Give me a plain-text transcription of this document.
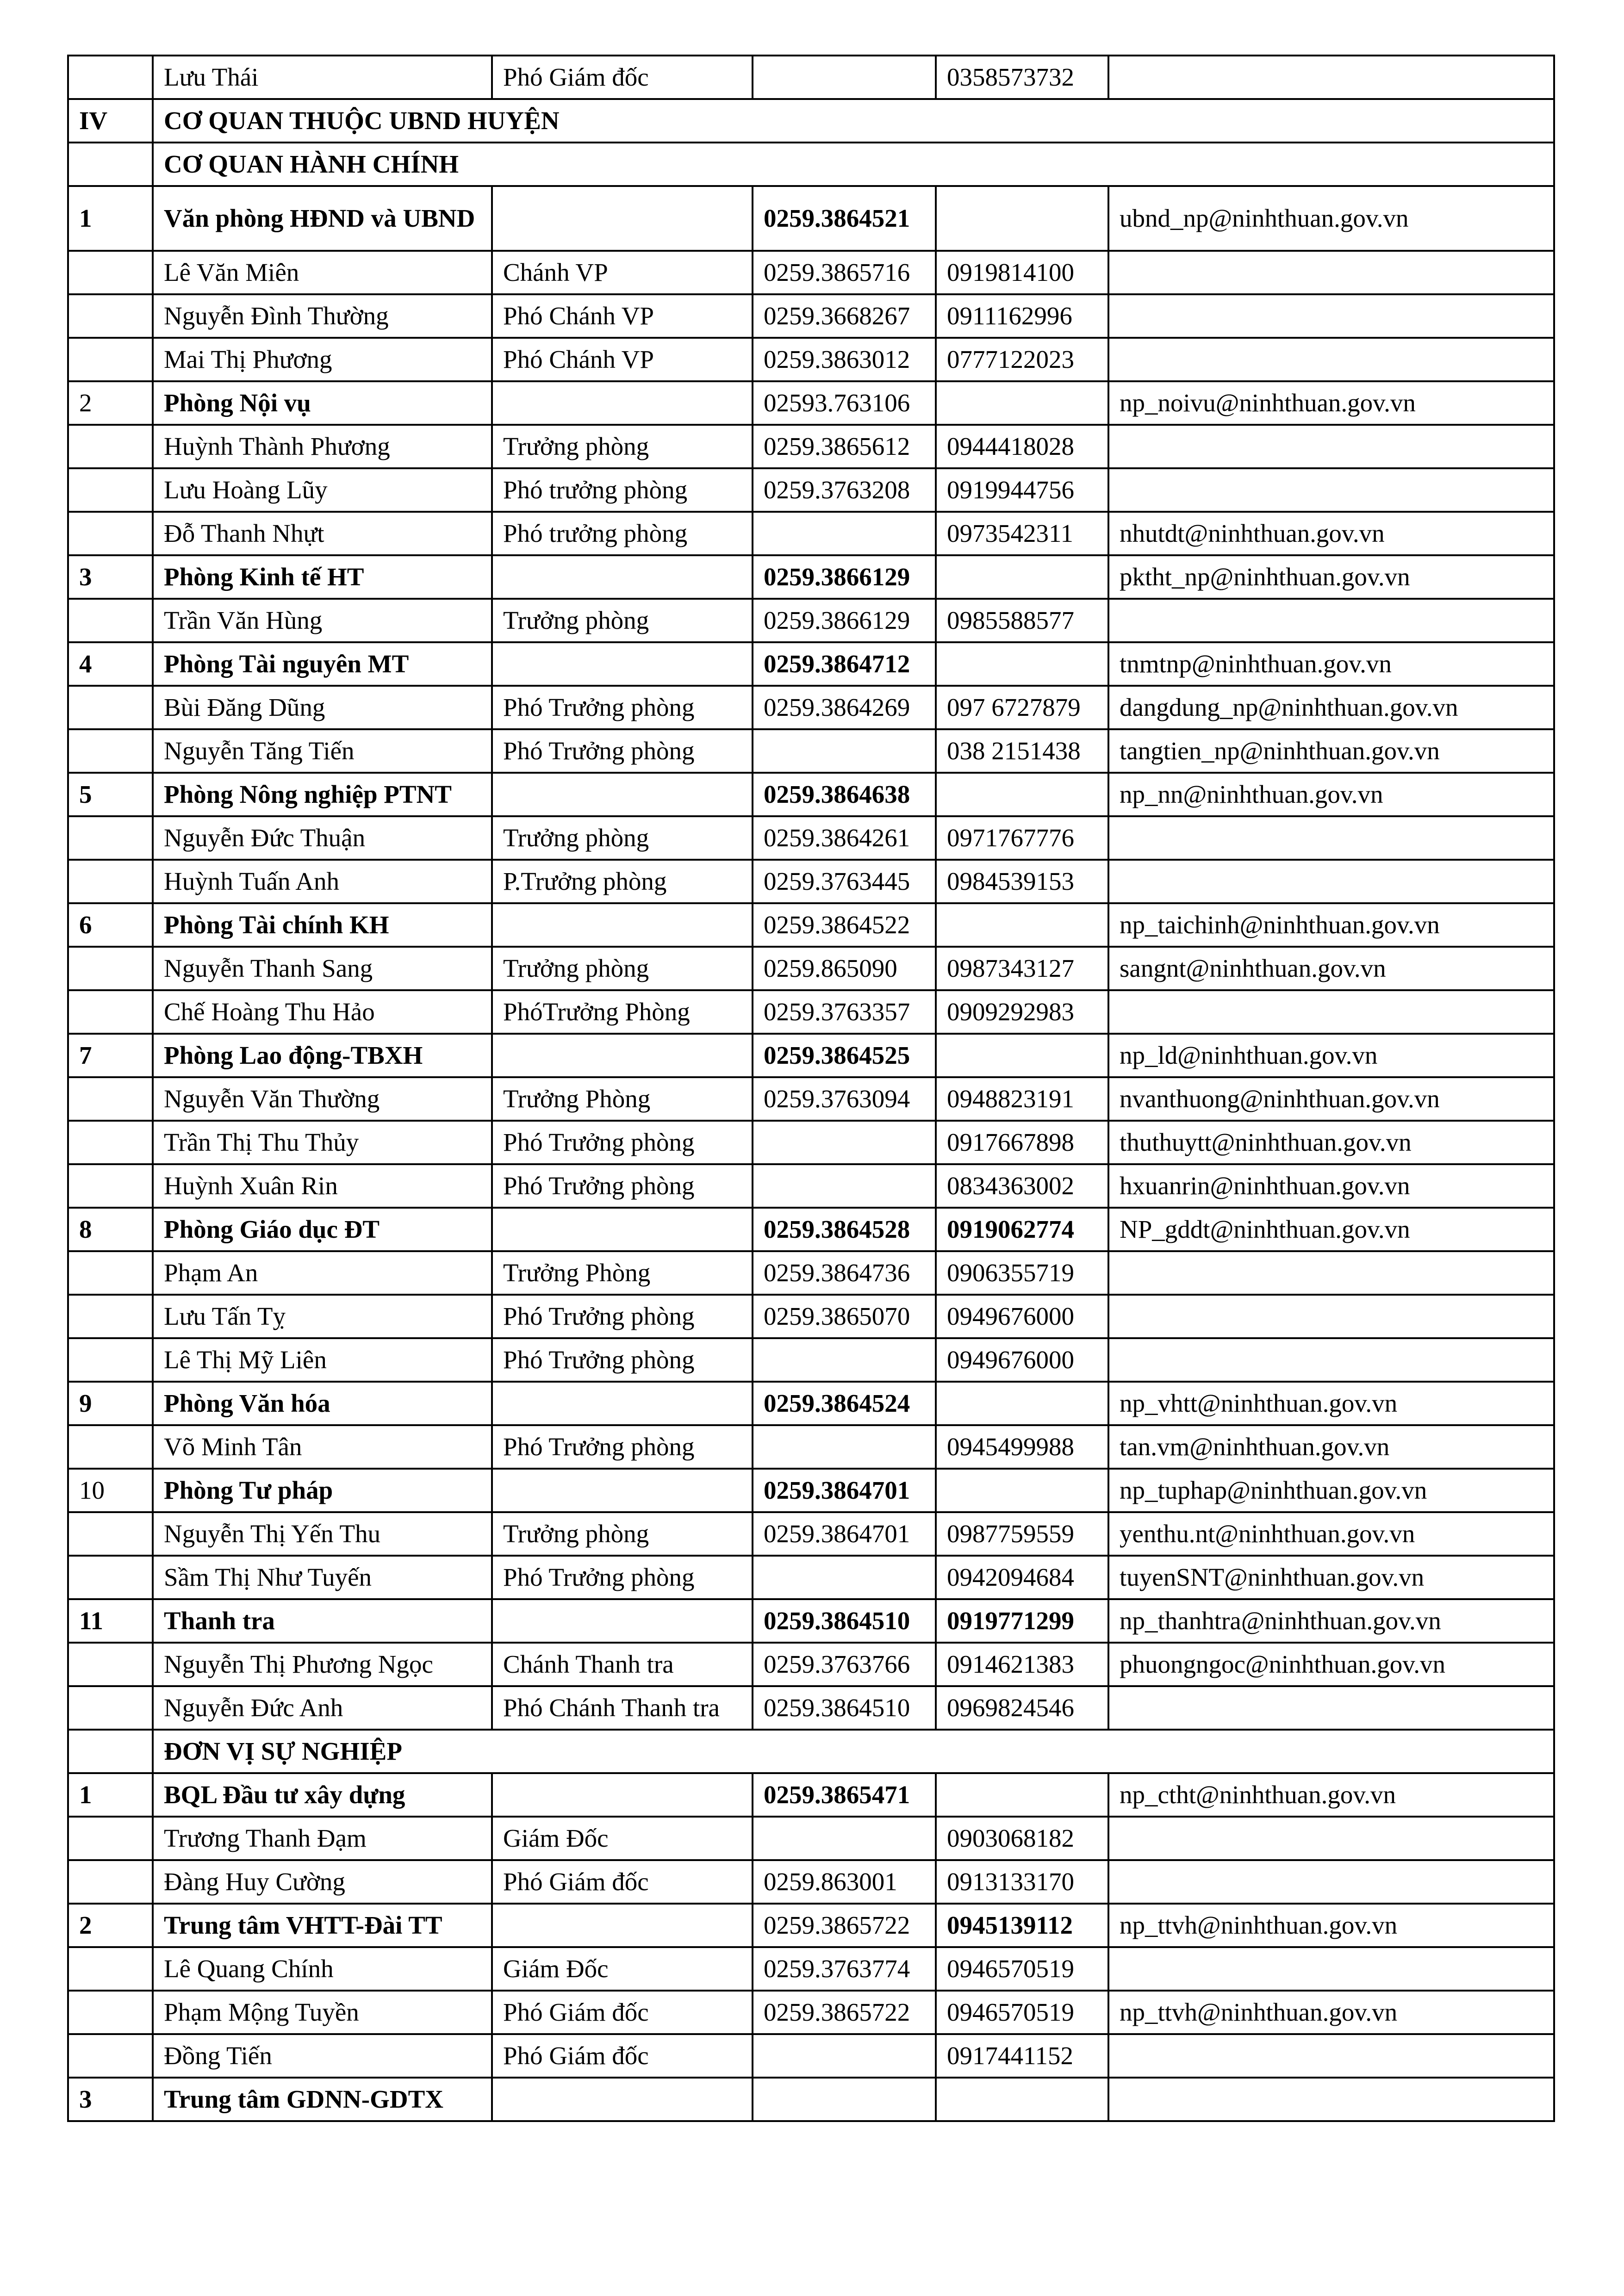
	Lưu Thái	Phó Giám đốc		0358573732	
IV	CƠ QUAN THUỘC UBND HUYỆN				
	CƠ QUAN HÀNH CHÍNH				
1	Văn phòng HĐND và UBND		0259.3864521		ubnd_np@ninhthuan.gov.vn
	Lê Văn Miên	Chánh VP	0259.3865716	0919814100	
	Nguyễn Đình Thường	Phó Chánh VP	0259.3668267	0911162996	
	Mai Thị Phương	Phó Chánh VP	0259.3863012	0777122023	
2	Phòng Nội vụ		02593.763106		np_noivu@ninhthuan.gov.vn
	Huỳnh Thành Phương	Trưởng phòng	0259.3865612	0944418028	
	Lưu Hoàng Lũy	Phó trưởng phòng	0259.3763208	0919944756	
	Đỗ Thanh Nhựt	Phó trưởng phòng		0973542311	nhutdt@ninhthuan.gov.vn
3	Phòng Kinh tế HT		0259.3866129		pktht_np@ninhthuan.gov.vn
	Trần Văn Hùng	Trưởng phòng	0259.3866129	0985588577	
4	Phòng Tài nguyên MT		0259.3864712		tnmtnp@ninhthuan.gov.vn
	Bùi Đăng Dũng	Phó Trưởng phòng	0259.3864269	097 6727879	dangdung_np@ninhthuan.gov.vn
	Nguyễn Tăng Tiến	Phó Trưởng phòng		038 2151438	tangtien_np@ninhthuan.gov.vn
5	Phòng Nông nghiệp PTNT		0259.3864638		np_nn@ninhthuan.gov.vn
	Nguyễn Đức Thuận	Trưởng phòng	0259.3864261	0971767776	
	Huỳnh Tuấn Anh	P.Trưởng phòng	0259.3763445	0984539153	
6	Phòng Tài chính KH		0259.3864522		np_taichinh@ninhthuan.gov.vn
	Nguyễn Thanh Sang	Trưởng phòng	0259.865090	0987343127	sangnt@ninhthuan.gov.vn
	Chế Hoàng Thu Hảo	PhóTrưởng Phòng	0259.3763357	0909292983	
7	Phòng Lao động-TBXH		0259.3864525		np_ld@ninhthuan.gov.vn
	Nguyễn Văn Thường	Trưởng Phòng	0259.3763094	0948823191	nvanthuong@ninhthuan.gov.vn
	Trần Thị Thu Thủy	Phó Trưởng phòng		0917667898	thuthuytt@ninhthuan.gov.vn
	Huỳnh Xuân Rin	Phó Trưởng phòng		0834363002	hxuanrin@ninhthuan.gov.vn
8	Phòng Giáo dục ĐT		0259.3864528	0919062774	NP_gddt@ninhthuan.gov.vn
	Phạm An	Trưởng Phòng	0259.3864736	0906355719	
	Lưu Tấn Tỵ	Phó Trưởng phòng	0259.3865070	0949676000	
	Lê Thị Mỹ Liên	Phó Trưởng phòng		0949676000	
9	Phòng Văn hóa		0259.3864524		np_vhtt@ninhthuan.gov.vn
	Võ Minh Tân	Phó Trưởng phòng		0945499988	tan.vm@ninhthuan.gov.vn
10	Phòng Tư pháp		0259.3864701		np_tuphap@ninhthuan.gov.vn
	Nguyễn Thị Yến Thu	Trưởng phòng	0259.3864701	0987759559	yenthu.nt@ninhthuan.gov.vn
	Sầm Thị Như Tuyến	Phó Trưởng phòng		0942094684	tuyenSNT@ninhthuan.gov.vn
11	Thanh tra		0259.3864510	0919771299	np_thanhtra@ninhthuan.gov.vn
	Nguyễn Thị Phương Ngọc	Chánh Thanh tra	0259.3763766	0914621383	phuongngoc@ninhthuan.gov.vn
	Nguyễn Đức Anh	Phó Chánh Thanh tra	0259.3864510	0969824546	
	ĐƠN VỊ SỰ NGHIỆP				
1	BQL Đầu tư xây dựng		0259.3865471		np_ctht@ninhthuan.gov.vn
	Trương Thanh Đạm	Giám Đốc		0903068182	
	Đàng Huy Cường	Phó Giám đốc	0259.863001	0913133170	
2	Trung tâm VHTT-Đài TT		0259.3865722	0945139112	np_ttvh@ninhthuan.gov.vn
	Lê Quang Chính	Giám Đốc	0259.3763774	0946570519	
	Phạm Mộng Tuyền	Phó Giám đốc	0259.3865722	0946570519	np_ttvh@ninhthuan.gov.vn
	Đồng Tiến	Phó Giám đốc		0917441152	
3	Trung tâm GDNN-GDTX				
